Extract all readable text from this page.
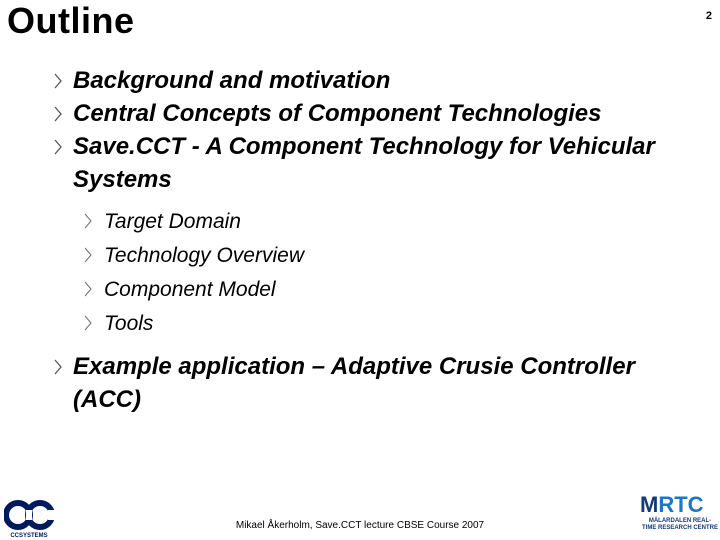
Outline	2
Background and motivation
Central Concepts of Component Technologies
Save.CCT - A Component Technology for Vehicular Systems
Target Domain
Technology Overview
Component Model
Tools
Example application – Adaptive Crusie Controller (ACC)
CCSYSTEMS
Mikael Åkerholm, Save.CCT lecture CBSE Course 2007
MRTC
MÄLARDALEN REAL-TIME RESEARCH CENTRE
